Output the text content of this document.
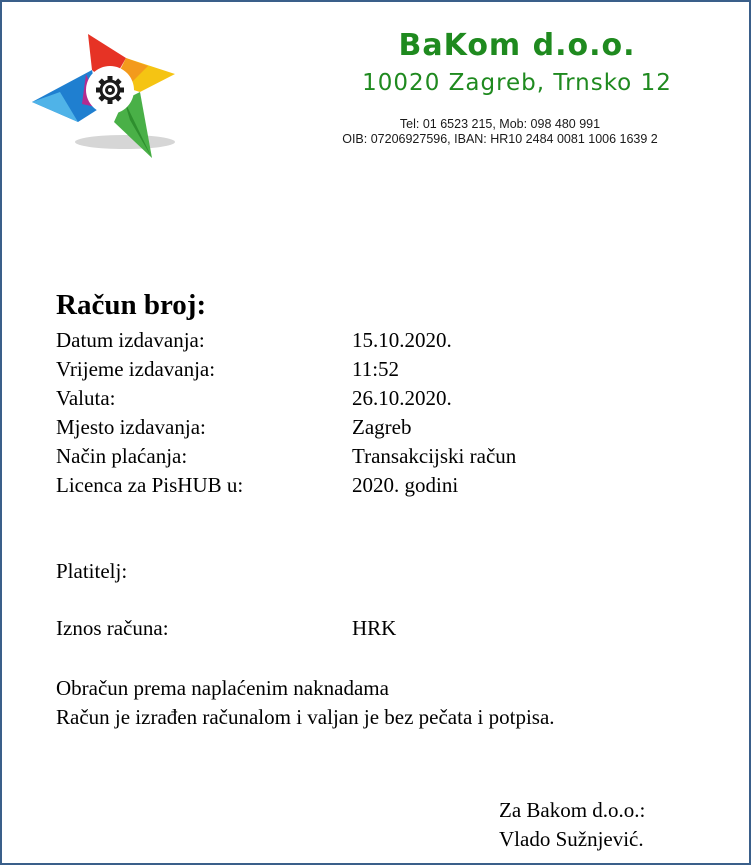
BaKom d.o.o.
10020 Zagreb, Trnsko 12
Tel: 01 6523 215, Mob: 098 480 991
OIB: 07206927596, IBAN: HR10 2484 0081 1006 1639 2
Račun broj:
Datum izdavanja:	15.10.2020.
Vrijeme izdavanja:	11:52
Valuta:	26.10.2020.
Mjesto izdavanja:	Zagreb
Način plaćanja:	Transakcijski račun
Licenca za PisHUB u:	2020. godini
Platitelj:
Iznos računa:	HRK
Obračun prema naplaćenim naknadama
Račun je izrađen računalom i valjan je bez pečata i potpisa.
Za Bakom d.o.o.:
Vlado Sužnjević.
